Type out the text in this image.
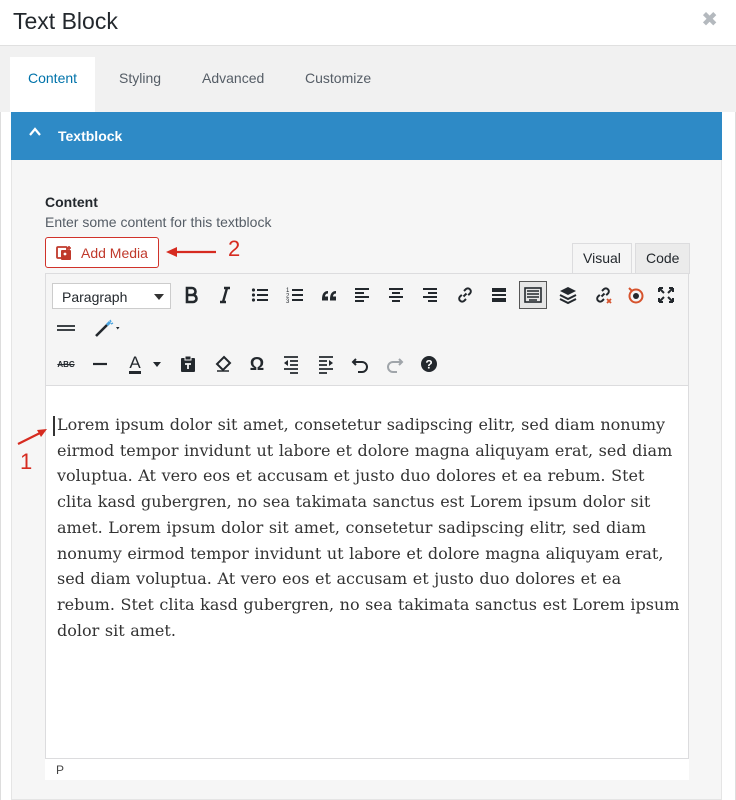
Text Block	✖
Content	Styling	Advanced	Customize
Textblock
Content
Enter some content for this textblock
Add Media	Visual	Code
Paragraph	1
2
3
ABC	A	Ω	?
Lorem ipsum dolor sit amet, consetetur sadipscing elitr, sed diam nonumy eirmod tempor invidunt ut labore et dolore magna aliquyam erat, sed diam voluptua. At vero eos et accusam et justo duo dolores et ea rebum. Stet clita kasd gubergren, no sea takimata sanctus est Lorem ipsum dolor sit amet. Lorem ipsum dolor sit amet, consetetur sadipscing elitr, sed diam nonumy eirmod tempor invidunt ut labore et dolore magna aliquyam erat, sed diam voluptua. At vero eos et accusam et justo duo dolores et ea rebum. Stet clita kasd gubergren, no sea takimata sanctus est Lorem ipsum dolor sit amet.
P
1
2
